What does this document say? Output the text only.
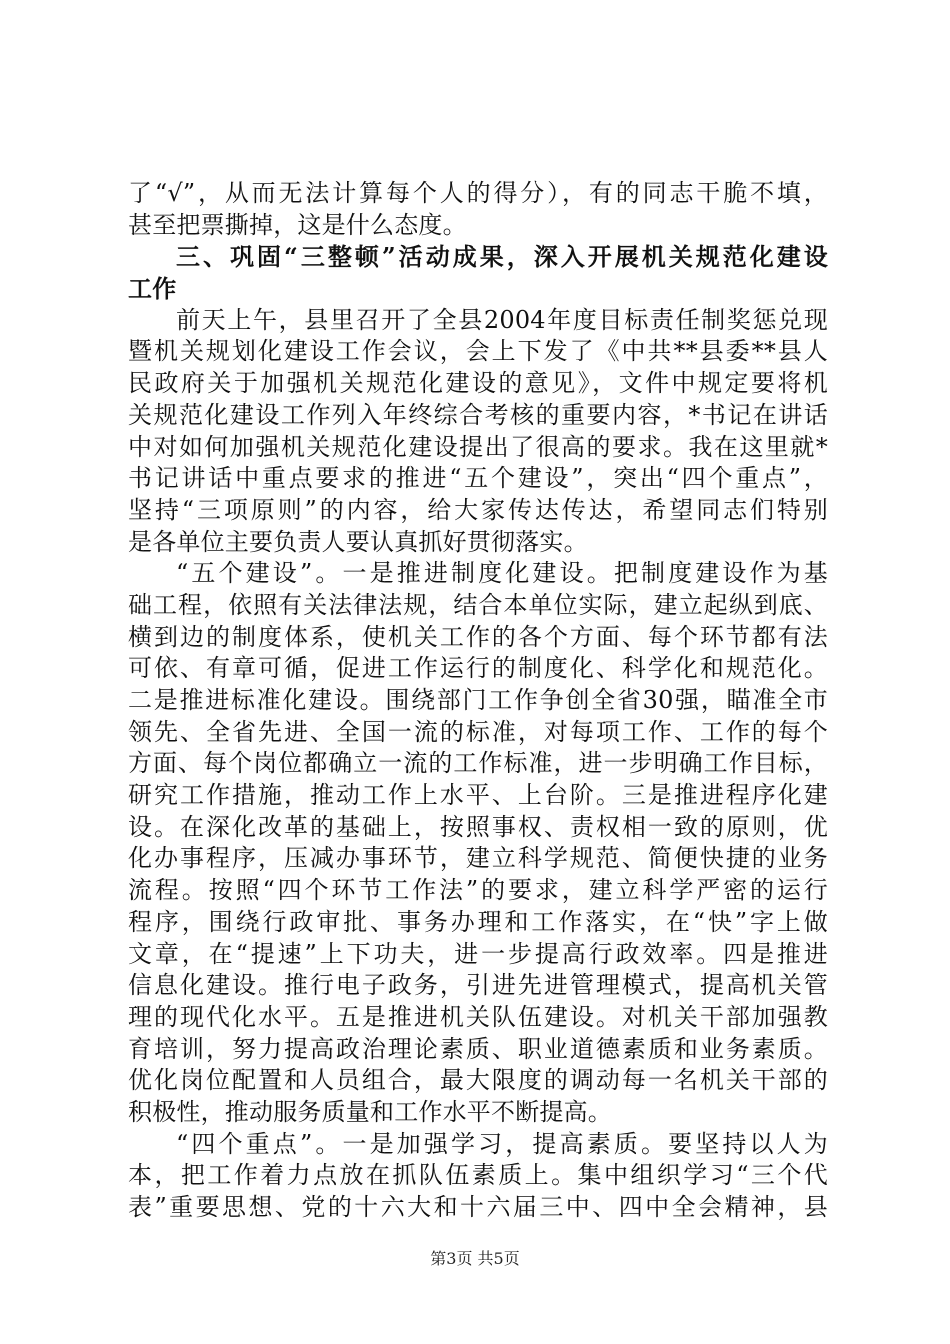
了“√”，从而无法计算每个人的得分），有的同志干脆不填，
甚至把票撕掉，这是什么态度。
三、巩固“三整顿”活动成果，深入开展机关规范化建设
工作
前天上午，县里召开了全县2004年度目标责任制奖惩兑现
暨机关规划化建设工作会议，会上下发了《中共**县委**县人
民政府关于加强机关规范化建设的意见》，文件中规定要将机
关规范化建设工作列入年终综合考核的重要内容，*书记在讲话
中对如何加强机关规范化建设提出了很高的要求。我在这里就*
书记讲话中重点要求的推进“五个建设”，突出“四个重点”，
坚持“三项原则”的内容，给大家传达传达，希望同志们特别
是各单位主要负责人要认真抓好贯彻落实。
“五个建设”。一是推进制度化建设。把制度建设作为基
础工程，依照有关法律法规，结合本单位实际，建立起纵到底、
横到边的制度体系，使机关工作的各个方面、每个环节都有法
可依、有章可循，促进工作运行的制度化、科学化和规范化。
二是推进标准化建设。围绕部门工作争创全省30强，瞄准全市
领先、全省先进、全国一流的标准，对每项工作、工作的每个
方面、每个岗位都确立一流的工作标准，进一步明确工作目标，
研究工作措施，推动工作上水平、上台阶。三是推进程序化建
设。在深化改革的基础上，按照事权、责权相一致的原则，优
化办事程序，压减办事环节，建立科学规范、简便快捷的业务
流程。按照“四个环节工作法”的要求，建立科学严密的运行
程序，围绕行政审批、事务办理和工作落实，在“快”字上做
文章，在“提速”上下功夫，进一步提高行政效率。四是推进
信息化建设。推行电子政务，引进先进管理模式，提高机关管
理的现代化水平。五是推进机关队伍建设。对机关干部加强教
育培训，努力提高政治理论素质、职业道德素质和业务素质。
优化岗位配置和人员组合，最大限度的调动每一名机关干部的
积极性，推动服务质量和工作水平不断提高。
“四个重点”。一是加强学习，提高素质。要坚持以人为
本，把工作着力点放在抓队伍素质上。集中组织学习“三个代
表”重要思想、党的十六大和十六届三中、四中全会精神，县
第3页 共5页
